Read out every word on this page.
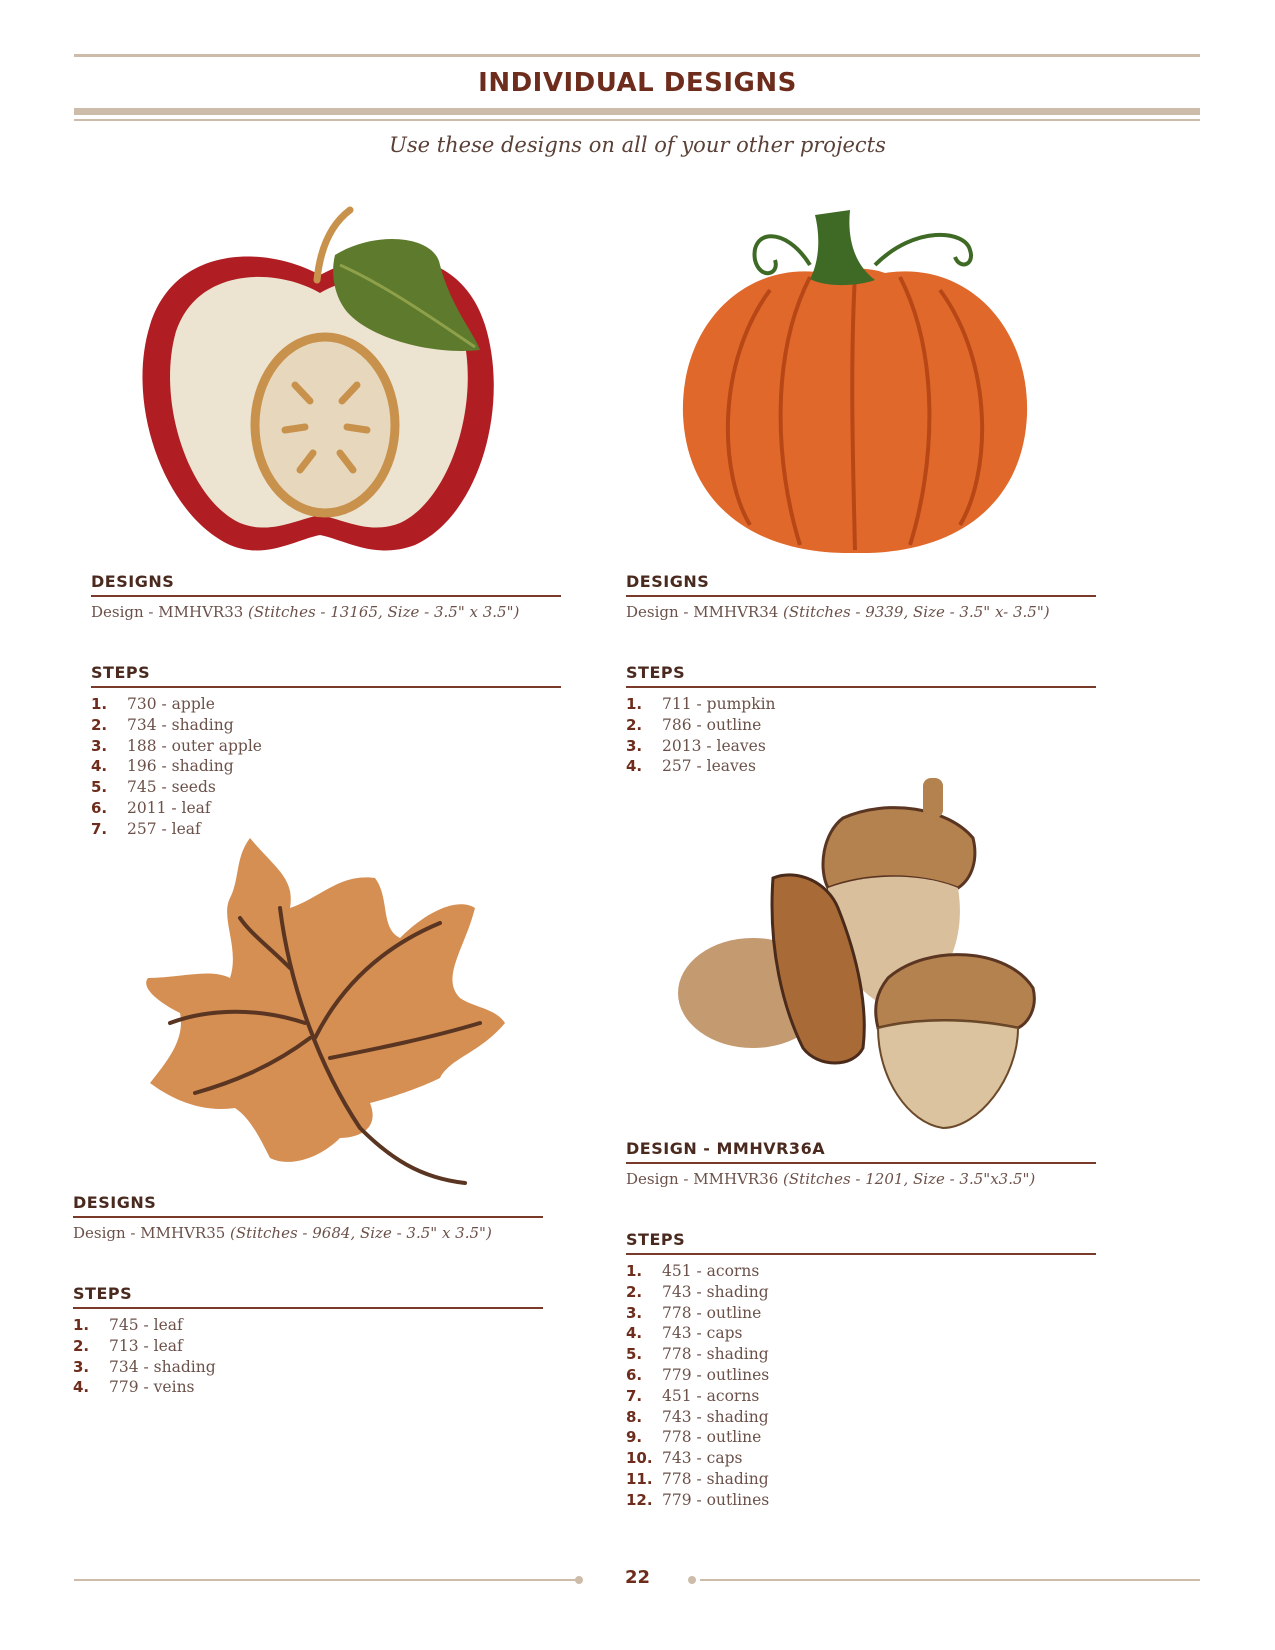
INDIVIDUAL DESIGNS
Use these designs on all of your other projects
DESIGNS
Design - MMHVR33 (Stitches - 13165, Size - 3.5" x 3.5")
STEPS
1. 730 - apple
2. 734 - shading
3. 188 - outer apple
4. 196 - shading
5. 745 - seeds
6. 2011 - leaf
7. 257 - leaf
DESIGNS
Design - MMHVR34 (Stitches - 9339, Size - 3.5" x- 3.5")
STEPS
1. 711 - pumpkin
2. 786 - outline
3. 2013 - leaves
4. 257 - leaves
DESIGNS
Design - MMHVR35 (Stitches - 9684, Size - 3.5" x 3.5")
STEPS
1. 745 - leaf
2. 713 - leaf
3. 734 - shading
4. 779 - veins
DESIGN - MMHVR36A
Design - MMHVR36 (Stitches - 1201, Size - 3.5"x3.5")
STEPS
1. 451 - acorns
2. 743 - shading
3. 778 - outline
4. 743 - caps
5. 778 - shading
6. 779 - outlines
7. 451 - acorns
8. 743 - shading
9. 778 - outline
10. 743 - caps
11. 778 - shading
12. 779 - outlines
22
